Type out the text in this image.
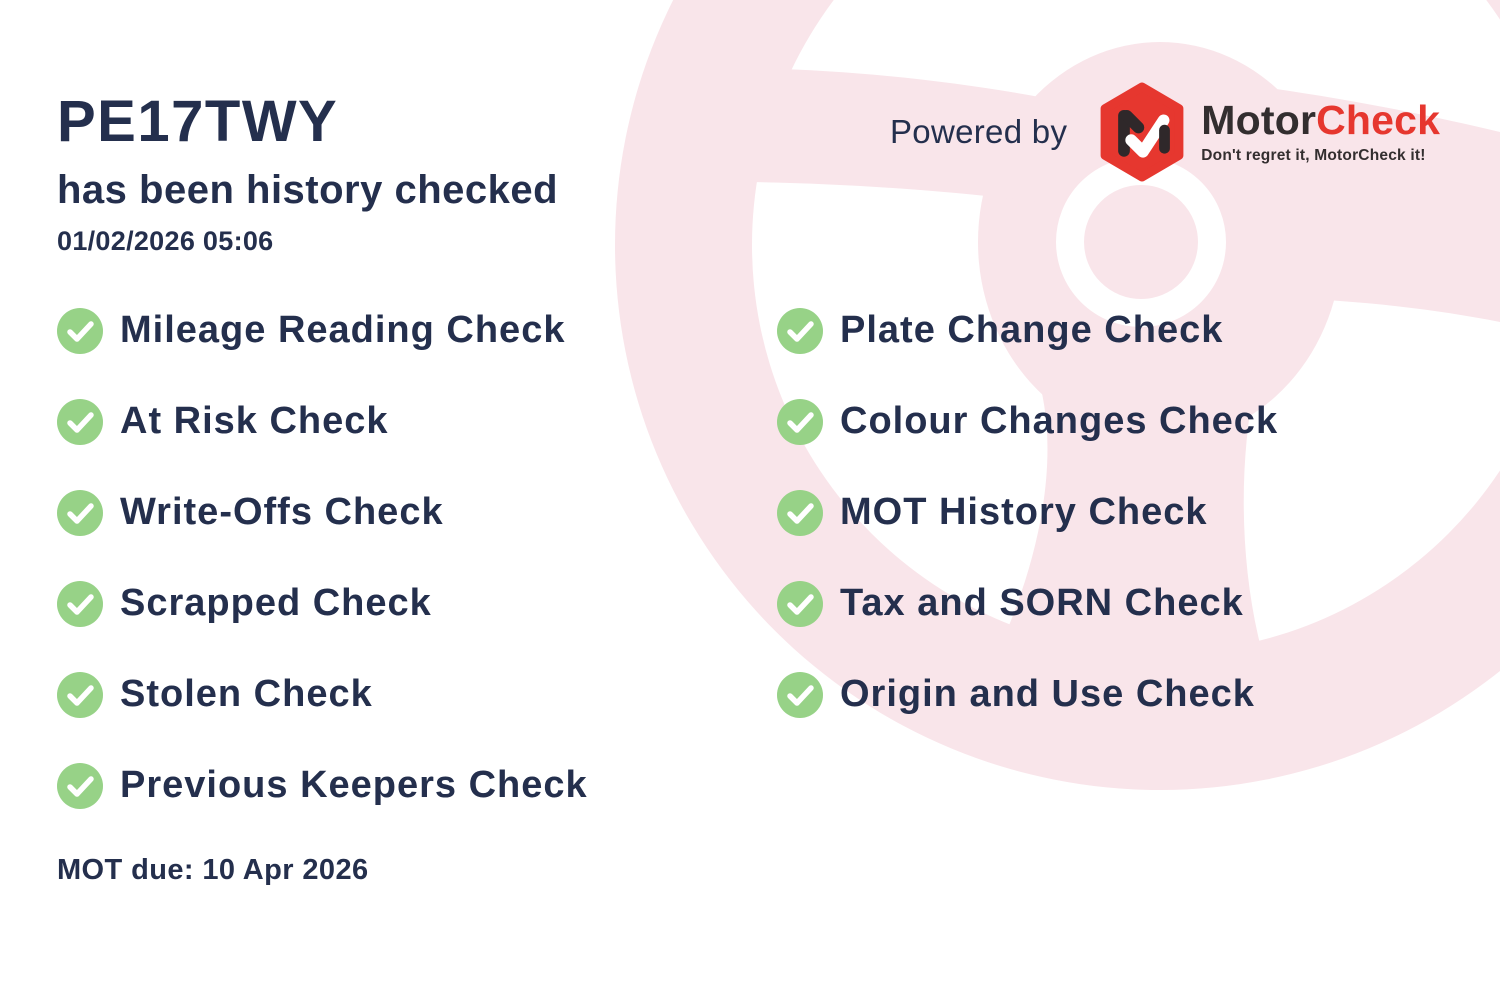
PE17TWY
has been history checked
01/02/2026 05:06
Powered by	MotorCheck
Don't regret it, MotorCheck it!
Mileage Reading Check
At Risk Check
Write-Offs Check
Scrapped Check
Stolen Check
Previous Keepers Check
Plate Change Check
Colour Changes Check
MOT History Check
Tax and SORN Check
Origin and Use Check
MOT due: 10 Apr 2026
